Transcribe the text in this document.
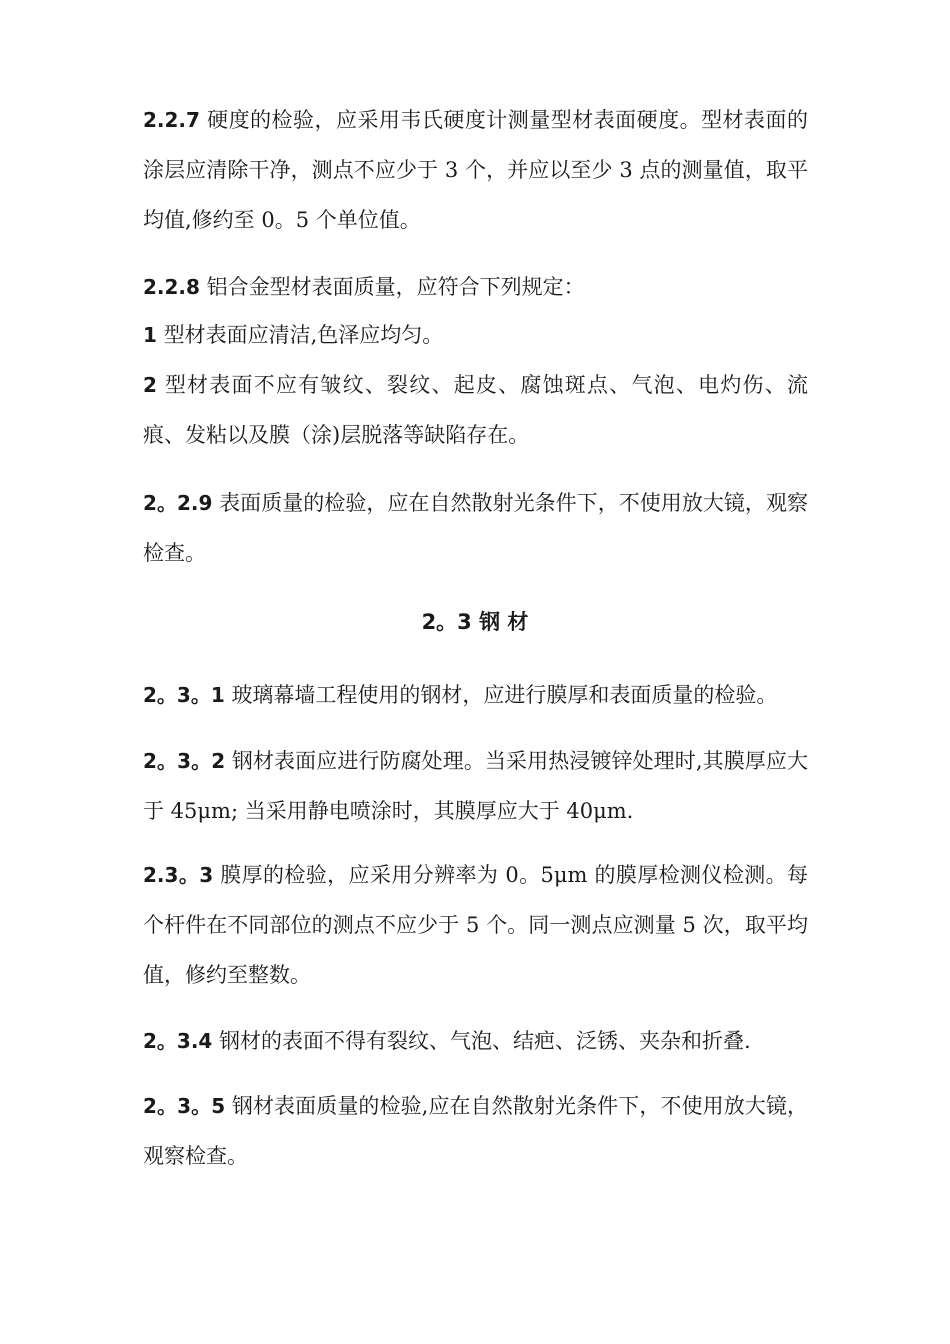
2.2.7 硬度的检验，应采用韦氏硬度计测量型材表面硬度。型材表面的涂层应清除干净，测点不应少于 3 个，并应以至少 3 点的测量值，取平均值,修约至 0。5 个单位值。

2.2.8 铝合金型材表面质量，应符合下列规定：

1 型材表面应清洁,色泽应均匀。

2 型材表面不应有皱纹、裂纹、起皮、腐蚀斑点、气泡、电灼伤、流痕、发粘以及膜（涂)层脱落等缺陷存在。

2。2.9 表面质量的检验，应在自然散射光条件下，不使用放大镜，观察检查。

2。3 钢 材

2。3。1 玻璃幕墙工程使用的钢材，应进行膜厚和表面质量的检验。

2。3。2 钢材表面应进行防腐处理。当采用热浸镀锌处理时,其膜厚应大于 45μm; 当采用静电喷涂时，其膜厚应大于 40μm.

2.3。3 膜厚的检验，应采用分辨率为 0。5μm 的膜厚检测仪检测。每个杆件在不同部位的测点不应少于 5 个。同一测点应测量 5 次，取平均值，修约至整数。

2。3.4 钢材的表面不得有裂纹、气泡、结疤、泛锈、夹杂和折叠.

2。3。5 钢材表面质量的检验,应在自然散射光条件下，不使用放大镜，观察检查。
